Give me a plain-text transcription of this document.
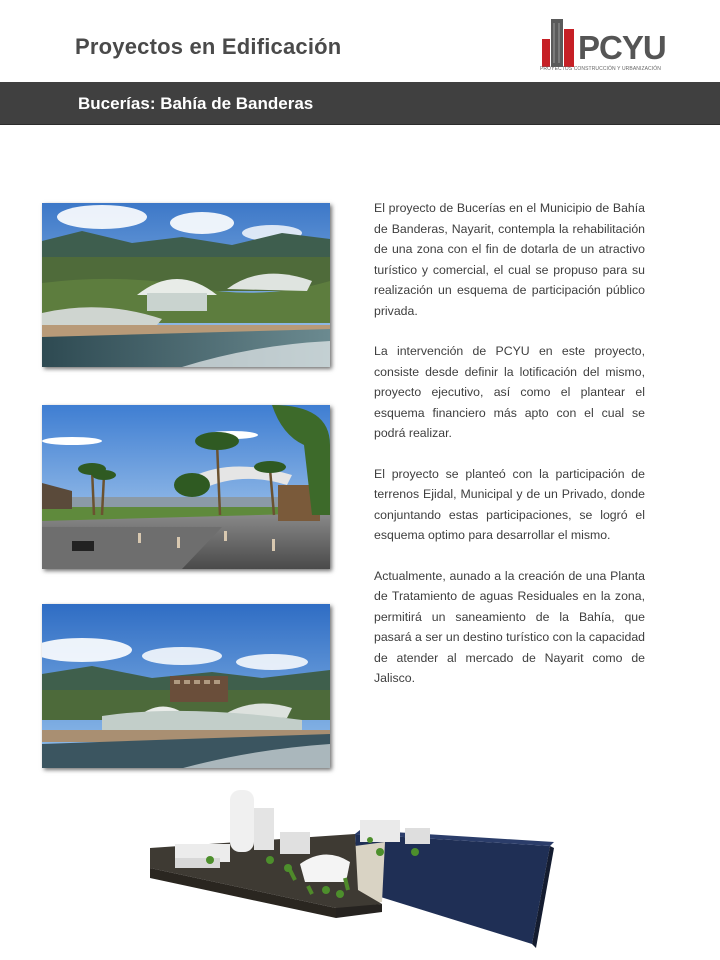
Proyectos en Edificación	PCYU
PROYECTOS CONSTRUCCIÓN Y URBANIZACIÓN
Bucerías: Bahía de Banderas

El proyecto de Bucerías en el Municipio de Bahía de Banderas, Nayarit, contempla la rehabilitación de una zona con el fin de dotarla de un atractivo turístico y comercial, el cual se propuso para su realización un esquema de participación público privada.

La intervención de PCYU en este proyecto, consiste desde definir la lotificación del mismo, proyecto ejecutivo, así como el plantear el esquema financiero más apto con el cual se podrá realizar.

El proyecto se planteó con la participación de terrenos Ejidal, Municipal y de un Privado, donde conjuntando estas participaciones, se logró el esquema optimo para desarrollar el mismo.

Actualmente, aunado a la creación de una Planta de Tratamiento de aguas Residuales en la zona, permitirá un saneamiento de la Bahía, que pasará a ser un destino turístico con la capacidad de atender al mercado de Nayarit como de Jalisco.
